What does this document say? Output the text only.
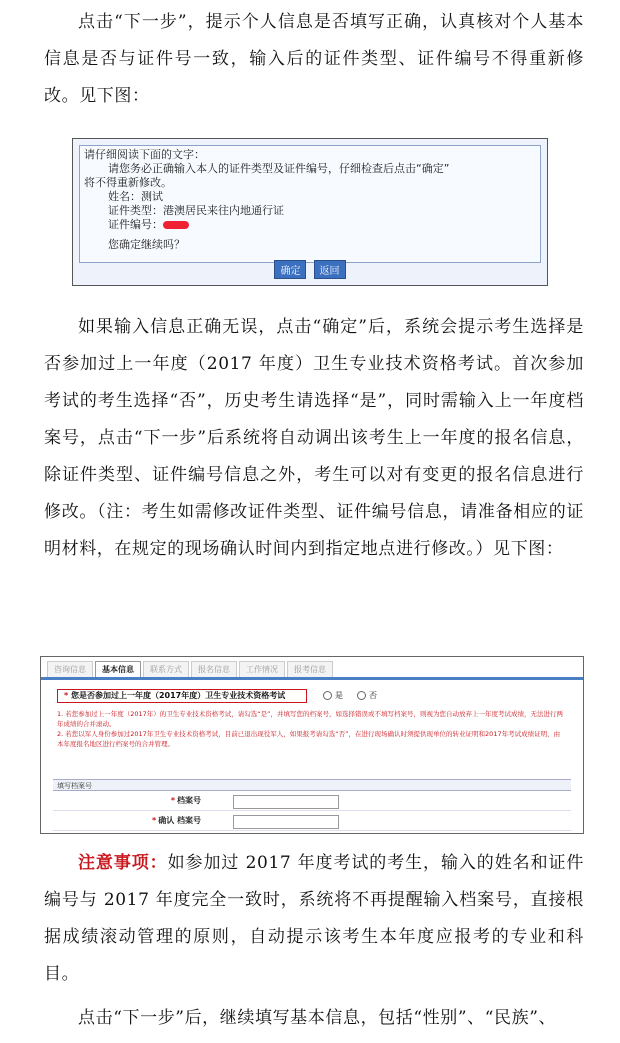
点击“下一步”，提示个人信息是否填写正确，认真核对个人基本信息是否与证件号一致，输入后的证件类型、证件编号不得重新修改。见下图：

请仔细阅读下面的文字：
请您务必正确输入本人的证件类型及证件编号，仔细检查后点击“确定”
将不得重新修改。
姓名：测试
证件类型：港澳居民来往内地通行证
证件编号：
您确定继续吗？
确定 返回

如果输入信息正确无误，点击“确定”后，系统会提示考生选择是否参加过上一年度（2017 年度）卫生专业技术资格考试。首次参加考试的考生选择“否”，历史考生请选择“是”，同时需输入上一年度档案号，点击“下一步”后系统将自动调出该考生上一年度的报名信息，除证件类型、证件编号信息之外，考生可以对有变更的报名信息进行修改。（注：考生如需修改证件类型、证件编号信息，请准备相应的证明材料，在规定的现场确认时间内到指定地点进行修改。）见下图：

咨询信息	基本信息	联系方式	报名信息	工作情况	报考信息
* 您是否参加过上一年度（2017年度）卫生专业技术资格考试	是	否
1. 若您参加过上一年度（2017年）的卫生专业技术资格考试，请勾选“是”，并填写您的档案号，如选择错误或不填写档案号，则视为您自动放弃上一年度考试成绩，无法进行两年成绩的合并滚动。
2. 若您以军人身份参加过2017年卫生专业技术资格考试，目前已退出现役军人，如果报考请勾选“否”，在进行现场确认时须提供现单位的转业证明和2017年考试成绩证明，由本年度报名地区进行档案号的合并管理。
填写档案号
* 档案号
* 确认 档案号

注意事项：如参加过 2017 年度考试的考生，输入的姓名和证件编号与 2017 年度完全一致时，系统将不再提醒输入档案号，直接根据成绩滚动管理的原则，自动提示该考生本年度应报考的专业和科目。

点击“下一步”后，继续填写基本信息，包括“性别”、“民族”、
